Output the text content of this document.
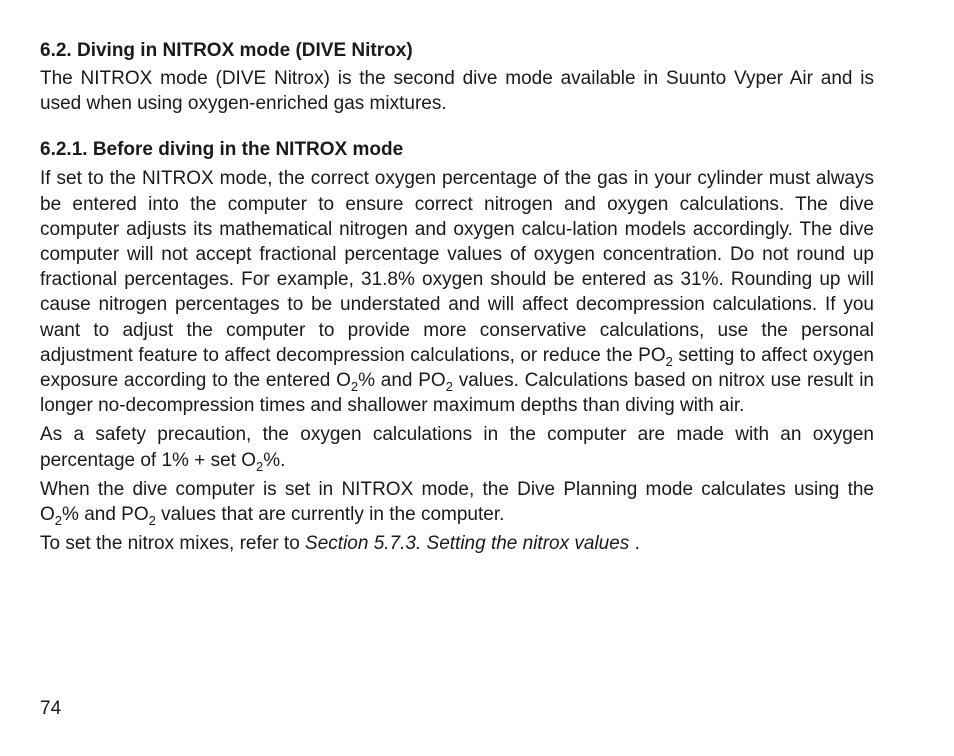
6.2. Diving in NITROX mode (DIVE Nitrox)

The NITROX mode (DIVE Nitrox) is the second dive mode available in Suunto Vyper Air and is used when using oxygen-enriched gas mixtures.

6.2.1. Before diving in the NITROX mode

If set to the NITROX mode, the correct oxygen percentage of the gas in your cylinder must always be entered into the computer to ensure correct nitrogen and oxygen calculations. The dive computer adjusts its mathematical nitrogen and oxygen calcu-lation models accordingly. The dive computer will not accept fractional percentage values of oxygen concentration. Do not round up fractional percentages. For example, 31.8% oxygen should be entered as 31%. Rounding up will cause nitrogen percentages to be understated and will affect decompression calculations. If you want to adjust the computer to provide more conservative calculations, use the personal adjustment feature to affect decompression calculations, or reduce the $PO_2$ setting to affect oxygen exposure according to the entered $O_2\%$ and $PO_2$ values. Calculations based on nitrox use result in longer no-decompression times and shallower maximum depths than diving with air.

As a safety precaution, the oxygen calculations in the computer are made with an oxygen percentage of 1% + set $O_2\%$.

When the dive computer is set in NITROX mode, the Dive Planning mode calculates using the $O_2\%$ and $PO_2$ values that are currently in the computer.

To set the nitrox mixes, refer to Section 5.7.3. Setting the nitrox values .

74
